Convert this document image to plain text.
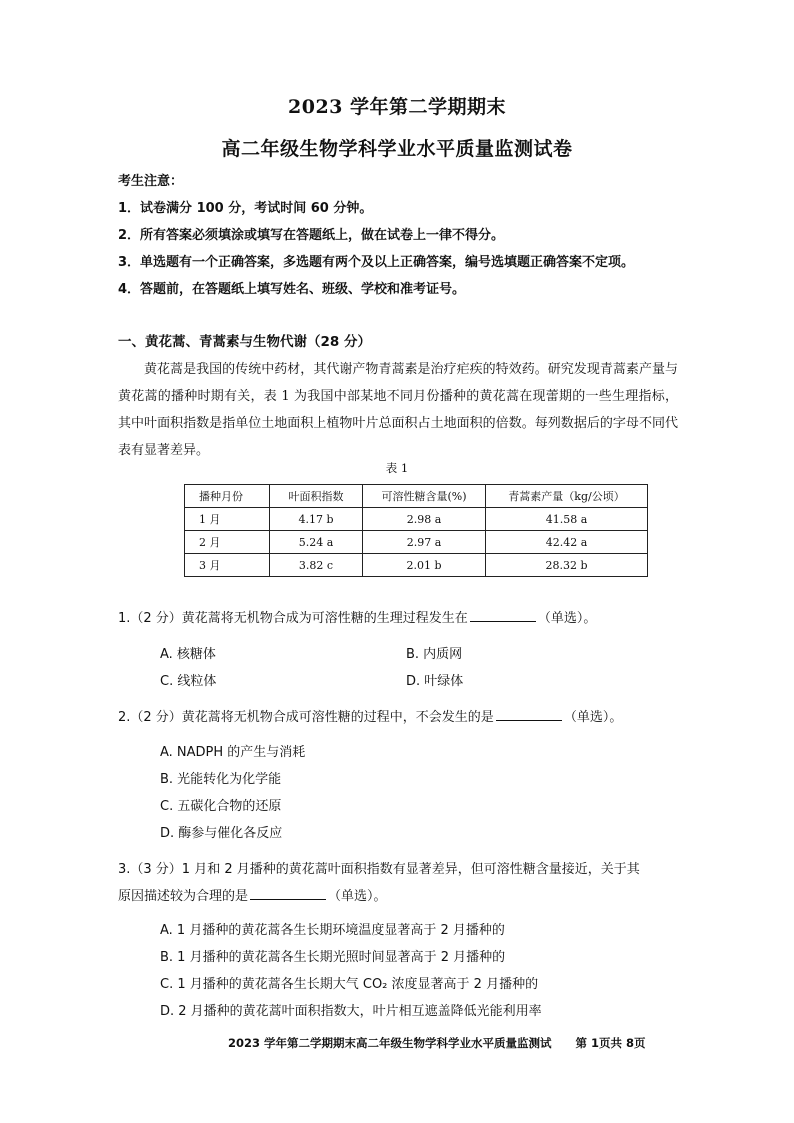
2023 学年第二学期期末
高二年级生物学科学业水平质量监测试卷
考生注意：
1．试卷满分 100 分，考试时间 60 分钟。
2．所有答案必须填涂或填写在答题纸上，做在试卷上一律不得分。
3．单选题有一个正确答案，多选题有两个及以上正确答案，编号选填题正确答案不定项。
4．答题前，在答题纸上填写姓名、班级、学校和准考证号。
一、黄花蒿、青蒿素与生物代谢（28 分）

黄花蒿是我国的传统中药材，其代谢产物青蒿素是治疗疟疾的特效药。研究发现青蒿素产量与黄花蒿的播种时期有关，表 1 为我国中部某地不同月份播种的黄花蒿在现蕾期的一些生理指标，其中叶面积指数是指单位土地面积上植物叶片总面积占土地面积的倍数。每列数据后的字母不同代表有显著差异。

表 1
播种月份	叶面积指数	可溶性糖含量(%)	青蒿素产量（kg/公顷）
1 月	4.17 b	2.98 a	41.58 a
2 月	5.24 a	2.97 a	42.42 a
3 月	3.82 c	2.01 b	28.32 b
1.（2 分）黄花蒿将无机物合成为可溶性糖的生理过程发生在	（单选）。
A. 核糖体	B. 内质网
C. 线粒体	D. 叶绿体
2.（2 分）黄花蒿将无机物合成可溶性糖的过程中，不会发生的是	（单选）。
A. NADPH 的产生与消耗
B. 光能转化为化学能
C. 五碳化合物的还原
D. 酶参与催化各反应
3.（3 分）1 月和 2 月播种的黄花蒿叶面积指数有显著差异，但可溶性糖含量接近，关于其
原因描述较为合理的是	（单选）。
A. 1 月播种的黄花蒿各生长期环境温度显著高于 2 月播种的
B. 1 月播种的黄花蒿各生长期光照时间显著高于 2 月播种的
C. 1 月播种的黄花蒿各生长期大气 CO₂ 浓度显著高于 2 月播种的
D. 2 月播种的黄花蒿叶面积指数大，叶片相互遮盖降低光能利用率
2023 学年第二学期期末高二年级生物学科学业水平质量监测试 第 1页共 8页
